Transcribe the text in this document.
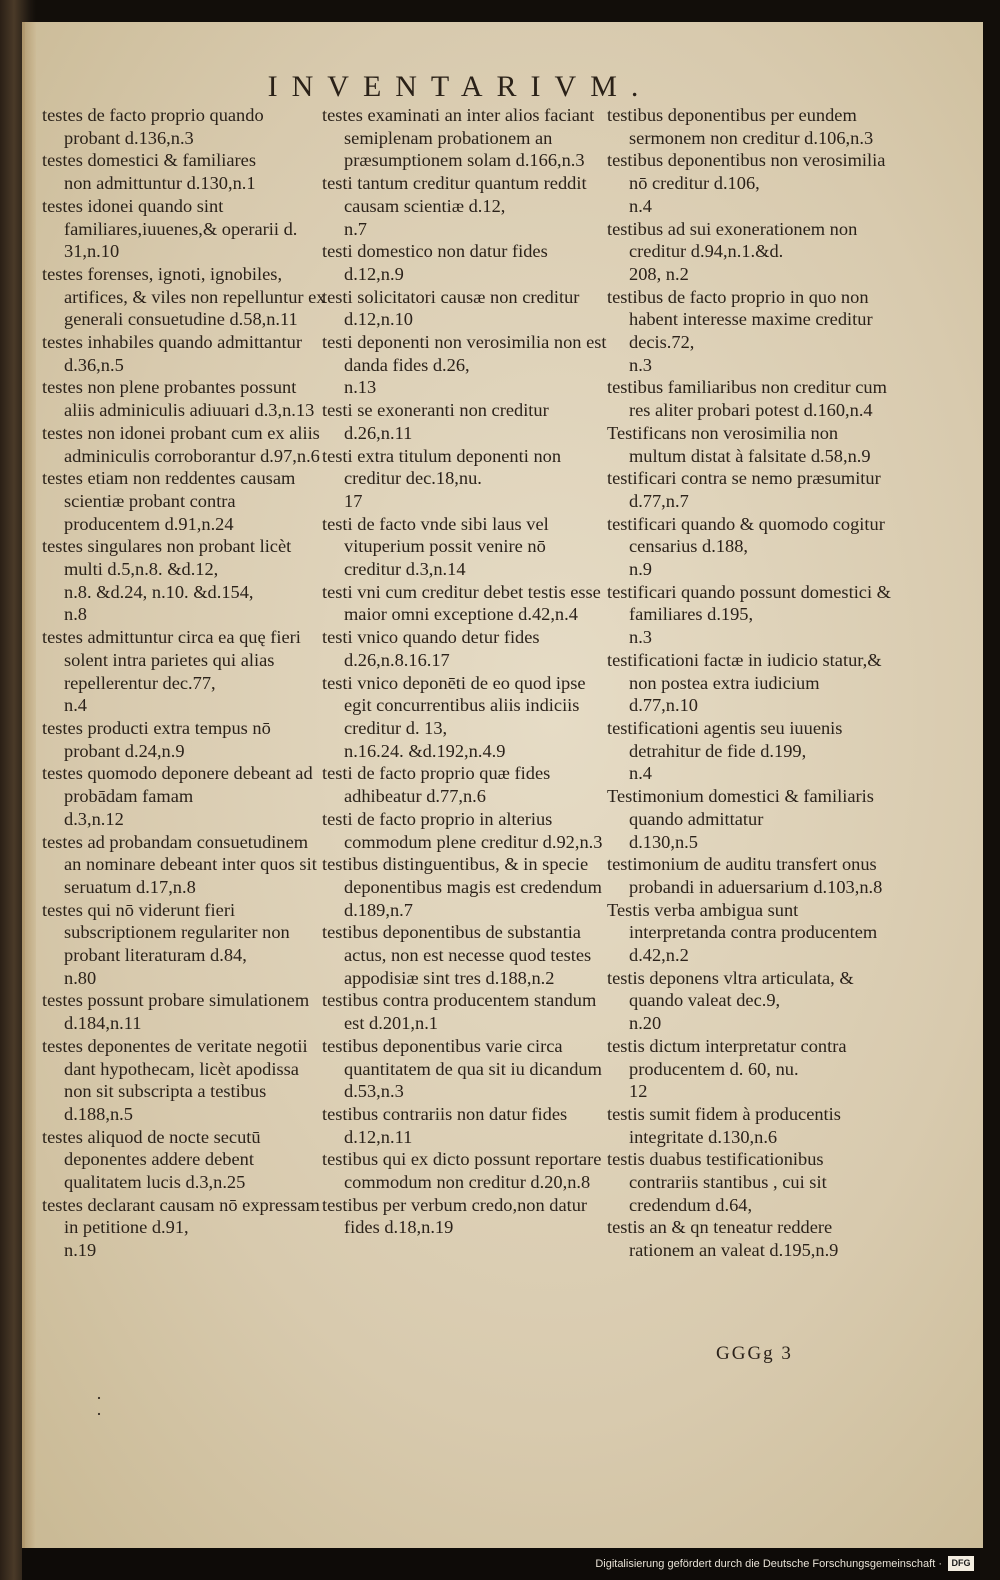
INVENTARIVM.

testes de facto proprio quando
probant d.136,n.3

testes domestici & familiares
non admittuntur d.130,n.1

testes idonei quando sint familiares,iuuenes,& operarii d.
31,n.10

testes forenses, ignoti, ignobiles, artifices, & viles non repelluntur ex generali consuetudine d.58,n.11

testes inhabiles quando admittantur d.36,n.5

testes non plene probantes possunt aliis adminiculis adiuuari d.3,n.13

testes non idonei probant cum ex aliis adminiculis corroborantur d.97,n.6

testes etiam non reddentes causam scientiæ probant contra producentem d.91,n.24

testes singulares non probant licèt multi d.5,n.8. &d.12,
n.8. &d.24, n.10. &d.154,
n.8

testes admittuntur circa ea quę fieri solent intra parietes qui alias repellerentur dec.77,
n.4

testes producti extra tempus nō probant d.24,n.9

testes quomodo deponere debeant ad probādam famam
d.3,n.12

testes ad probandam consuetudinem an nominare debeant inter quos sit seruatum d.17,n.8

testes qui nō viderunt fieri subscriptionem regulariter non probant literaturam d.84,
n.80

testes possunt probare simulationem d.184,n.11

testes deponentes de veritate negotii dant hypothecam, licèt apodissa non sit subscripta a testibus d.188,n.5

testes aliquod de nocte secutū deponentes addere debent qualitatem lucis d.3,n.25

testes declarant causam nō expressam in petitione d.91,
n.19

testes examinati an inter alios faciant semiplenam probationem an præsumptionem solam d.166,n.3

testi tantum creditur quantum reddit causam scientiæ d.12,
n.7

testi domestico non datur fides
d.12,n.9

testi solicitatori causæ non creditur d.12,n.10

testi deponenti non verosimilia non est danda fides d.26,
n.13

testi se exoneranti non creditur
d.26,n.11

testi extra titulum deponenti non creditur dec.18,nu.
17

testi de facto vnde sibi laus vel vituperium possit venire nō creditur d.3,n.14

testi vni cum creditur debet testis esse maior omni exceptione d.42,n.4

testi vnico quando detur fides
d.26,n.8.16.17

testi vnico deponēti de eo quod ipse egit concurrentibus aliis indiciis creditur d. 13,
n.16.24. &d.192,n.4.9

testi de facto proprio quæ fides adhibeatur d.77,n.6

testi de facto proprio in alterius commodum plene creditur d.92,n.3

testibus distinguentibus, & in specie deponentibus magis est credendum d.189,n.7

testibus deponentibus de substantia actus, non est necesse quod testes appodisiæ sint tres d.188,n.2

testibus contra producentem standum est d.201,n.1

testibus deponentibus varie circa quantitatem de qua sit iu dicandum d.53,n.3

testibus contrariis non datur fides d.12,n.11

testibus qui ex dicto possunt reportare commodum non creditur d.20,n.8

testibus per verbum credo,non datur fides d.18,n.19

testibus deponentibus per eundem sermonem non creditur d.106,n.3

testibus deponentibus non verosimilia nō creditur d.106,
n.4

testibus ad sui exonerationem non creditur d.94,n.1.&d.
208, n.2

testibus de facto proprio in quo non habent interesse maxime creditur decis.72,
n.3

testibus familiaribus non creditur cum res aliter probari potest d.160,n.4

Testificans non verosimilia non multum distat à falsitate d.58,n.9

testificari contra se nemo præsumitur d.77,n.7

testificari quando & quomodo cogitur censarius d.188,
n.9

testificari quando possunt domestici & familiares d.195,
n.3

testificationi factæ in iudicio statur,& non postea extra iudicium d.77,n.10

testificationi agentis seu iuuenis detrahitur de fide d.199,
n.4

Testimonium domestici & familiaris quando admittatur
d.130,n.5

testimonium de auditu transfert onus probandi in aduersarium d.103,n.8

Testis verba ambigua sunt interpretanda contra producentem d.42,n.2

testis deponens vltra articulata, & quando valeat dec.9,
n.20

testis dictum interpretatur contra producentem d. 60, nu.
12

testis sumit fidem à producentis integritate d.130,n.6

testis duabus testificationibus contrariis stantibus , cui sit credendum d.64,

testis an & qn teneatur reddere rationem an valeat d.195,n.9

GGGg 3
·
·
Digitalisierung gefördert durch die Deutsche Forschungsgemeinschaft ·	DFG
